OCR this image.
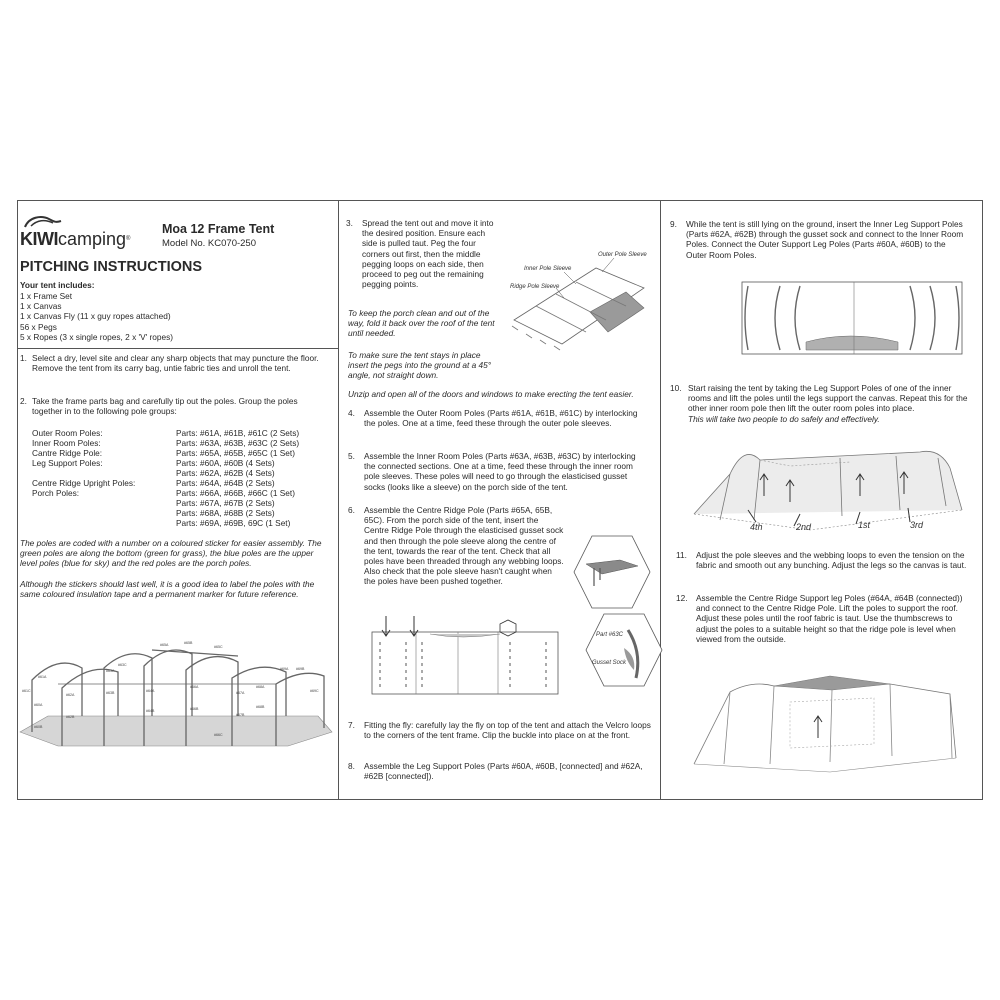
KIWIcamping®
Moa 12 Frame Tent
Model No. KC070-250
PITCHING INSTRUCTIONS
Your tent includes:
1 x Frame Set
1 x Canvas
1 x Canvas Fly (11 x guy ropes attached)
56 x Pegs
5 x Ropes (3 x single ropes, 2 x 'V' ropes)
1. Select a dry, level site and clear any sharp objects that may puncture the floor. Remove the tent from its carry bag, untie fabric ties and unroll the tent.
2. Take the frame parts bag and carefully tip out the poles. Group the poles together in to the following pole groups:
Outer Room Poles:	Parts: #61A, #61B, #61C (2 Sets)
Inner Room Poles:	Parts: #63A, #63B, #63C (2 Sets)
Cantre Ridge Pole:	Parts: #65A, #65B, #65C (1 Set)
Leg Support Poles:	Parts: #60A, #60B (4 Sets)
Parts: #62A, #62B (4 Sets)
Centre Ridge Upright Poles:	Parts: #64A, #64B (2 Sets)
Porch Poles:	Parts: #66A, #66B, #66C (1 Set)
Parts: #67A, #67B (2 Sets)
Parts: #68A, #68B (2 Sets)
Parts: #69A, #69B, 69C (1 Set)
The poles are coded with a number on a coloured sticker for easier assembly. The green poles are along the bottom (green for grass), the blue poles are the upper level poles (blue for sky) and the red poles are the porch poles.
Although the stickers should last well, it is a good idea to label the poles with the same coloured insulation tape and a permanent marker for future reference.
#61A
#61C
#62A
#62B
#60A
#60B
#63A
#63B
#63C
#64A
#64B
#65A	#65B
#65C
#66A
#66B
#66C
#67A
#67B
#68A
#68B
#69A #69B
#69C
3. Spread the tent out and move it into the desired position. Ensure each side is pulled taut. Peg the four corners out first, then the middle pegging loops on each side, then proceed to peg out the remaining pegging points.
Outer Pole Sleeve
Inner Pole Sleeve
Ridge Pole Sleeve
To keep the porch clean and out of the way, fold it back over the roof of the tent until needed.
To make sure the tent stays in place insert the pegs into the ground at a 45° angle, not straight down.
Unzip and open all of the doors and windows to make erecting the tent easier.
4. Assemble the Outer Room Poles (Parts #61A, #61B, #61C) by interlocking the poles. One at a time, feed these through the outer pole sleeves.
5. Assemble the Inner Room Poles (Parts #63A, #63B, #63C) by interlocking the connected sections. One at a time, feed these through the inner room pole sleeves. These poles will need to go through the elasticised gusset socks (looks like a sleeve) on the porch side of the tent.
6. Assemble the Centre Ridge Pole (Parts #65A, 65B, 65C). From the porch side of the tent, insert the Centre Ridge Pole through the elasticised gusset sock and then through the pole sleeve along the centre of the tent, towards the rear of the tent. Check that all poles have been threaded through any webbing loops. Also check that the pole sleeve hasn't caught when the poles have been pushed together.
Part #63C
Gusset Sock
7. Fitting the fly: carefully lay the fly on top of the tent and attach the Velcro loops to the corners of the tent frame. Clip the buckle into place on at the front.
8. Assemble the Leg Support Poles (Parts #60A, #60B, [connected] and #62A, #62B [connected]).
9. While the tent is still lying on the ground, insert the Inner Leg Support Poles (Parts #62A, #62B) through the gusset sock and connect to the Inner Room Poles. Connect the Outer Support Leg Poles (Parts #60A, #60B) to the Outer Room Poles.
10. Start raising the tent by taking the Leg Support Poles of one of the inner rooms and lift the poles until the legs support the canvas. Repeat this for the other inner room pole then lift the outer room poles into place.
This will take two people to do safely and effectively.
4th	2nd	1st	3rd
11. Adjust the pole sleeves and the webbing loops to even the tension on the fabric and smooth out any bunching. Adjust the legs so the canvas is taut.
12. Assemble the Centre Ridge Support leg Poles (#64A, #64B (connected)) and connect to the Centre Ridge Pole. Lift the poles to support the roof. Adjust these poles until the roof fabric is taut. Use the thumbscrews to adjust the poles to a suitable height so that the ridge pole is level when viewed from the outside.
